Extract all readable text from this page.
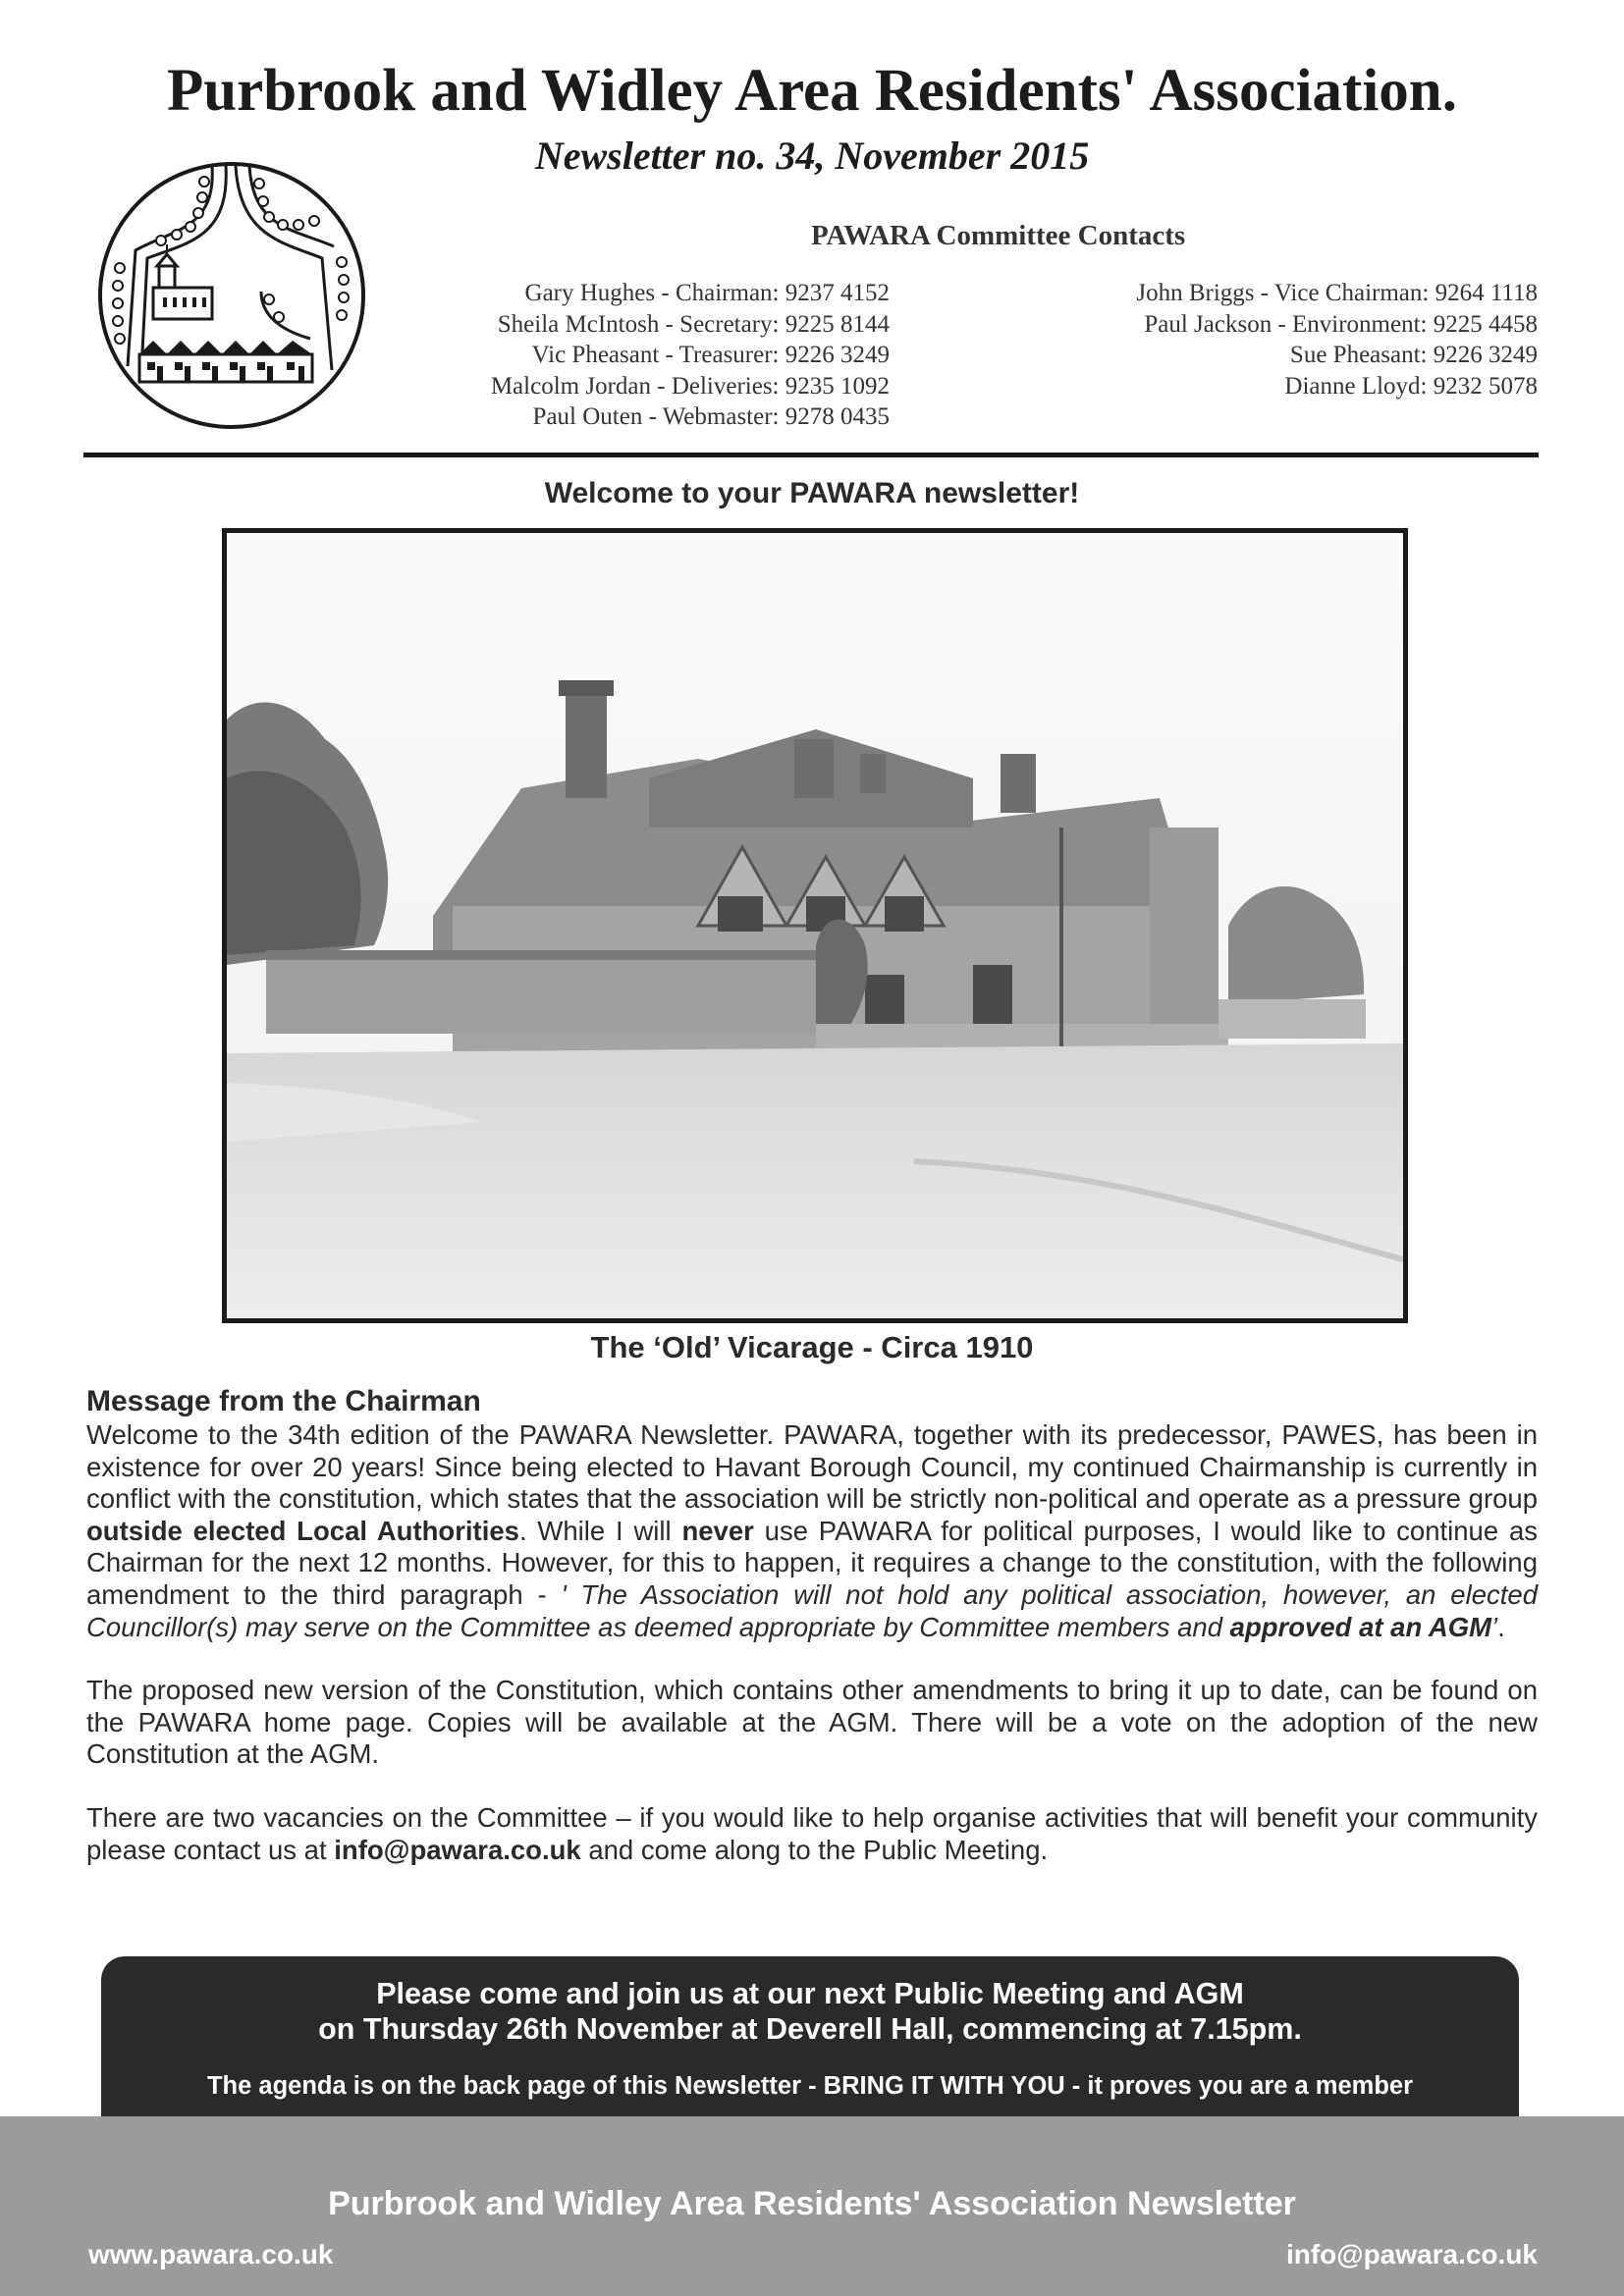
Purbrook and Widley Area Residents' Association.
Newsletter no. 34, November 2015
PAWARA Committee Contacts
Gary Hughes - Chairman: 9237 4152
Sheila McIntosh - Secretary: 9225 8144
Vic Pheasant - Treasurer: 9226 3249
Malcolm Jordan - Deliveries: 9235 1092
Paul Outen - Webmaster: 9278 0435
John Briggs - Vice Chairman: 9264 1118
Paul Jackson - Environment: 9225 4458
Sue Pheasant: 9226 3249
Dianne Lloyd: 9232 5078
Welcome to your PAWARA newsletter!
The ‘Old’ Vicarage - Circa 1910
Message from the Chairman

Welcome to the 34th edition of the PAWARA Newsletter. PAWARA, together with its predecessor, PAWES, has been in existence for over 20 years! Since being elected to Havant Borough Council, my continued Chairmanship is currently in conflict with the constitution, which states that the association will be strictly non-political and operate as a pressure group outside elected Local Authorities. While I will never use PAWARA for political purposes, I would like to continue as Chairman for the next 12 months. However, for this to happen, it requires a change to the constitution, with the following amendment to the third paragraph - ' The Association will not hold any political association, however, an elected Councillor(s) may serve on the Committee as deemed appropriate by Committee members and approved at an AGM’.

The proposed new version of the Constitution, which contains other amendments to bring it up to date, can be found on the PAWARA home page. Copies will be available at the AGM. There will be a vote on the adoption of the new Constitution at the AGM.

There are two vacancies on the Committee – if you would like to help organise activities that will benefit your community please contact us at info@pawara.co.uk and come along to the Public Meeting.

Please come and join us at our next Public Meeting and AGM
on Thursday 26th November at Deverell Hall, commencing at 7.15pm.
The agenda is on the back page of this Newsletter - BRING IT WITH YOU - it proves you are a member
Purbrook and Widley Area Residents' Association Newsletter
www.pawara.co.uk	info@pawara.co.uk
